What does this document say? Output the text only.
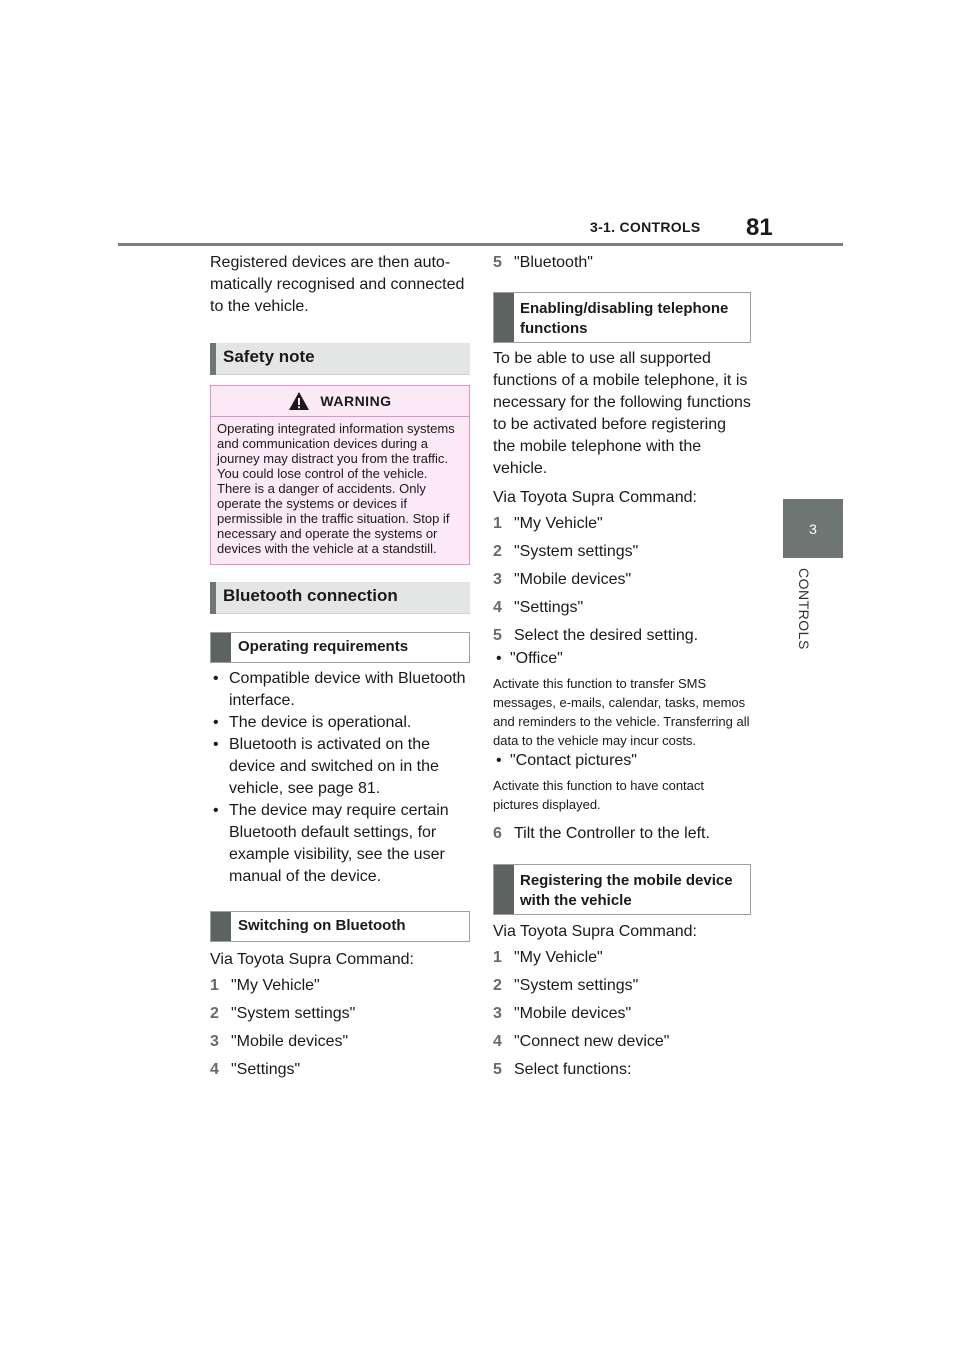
3-1. CONTROLS 81
3
CONTROLS

Registered devices are then automatically recognised and connected to the vehicle.

Safety note
WARNING
Operating integrated information systems and communication devices during a journey may distract you from the traffic. You could lose control of the vehicle. There is a danger of accidents. Only operate the systems or devices if permissible in the traffic situation. Stop if necessary and operate the systems or devices with the vehicle at a standstill.
Bluetooth connection
Operating requirements
• Compatible device with Bluetooth interface.
• The device is operational.
• Bluetooth is activated on the device and switched on in the vehicle, see page 81.
• The device may require certain Bluetooth default settings, for example visibility, see the user manual of the device.
Switching on Bluetooth

Via Toyota Supra Command:

1 "My Vehicle"
2 "System settings"
3 "Mobile devices"
4 "Settings"
5 "Bluetooth"
Enabling/disabling telephone functions

To be able to use all supported functions of a mobile telephone, it is necessary for the following functions to be activated before registering the mobile telephone with the vehicle.

Via Toyota Supra Command:

1 "My Vehicle"
2 "System settings"
3 "Mobile devices"
4 "Settings"
5 Select the desired setting.
• "Office"

Activate this function to transfer SMS messages, e-mails, calendar, tasks, memos and reminders to the vehicle. Transferring all data to the vehicle may incur costs.

• "Contact pictures"

Activate this function to have contact pictures displayed.

6 Tilt the Controller to the left.
Registering the mobile device with the vehicle

Via Toyota Supra Command:

1 "My Vehicle"
2 "System settings"
3 "Mobile devices"
4 "Connect new device"
5 Select functions:
